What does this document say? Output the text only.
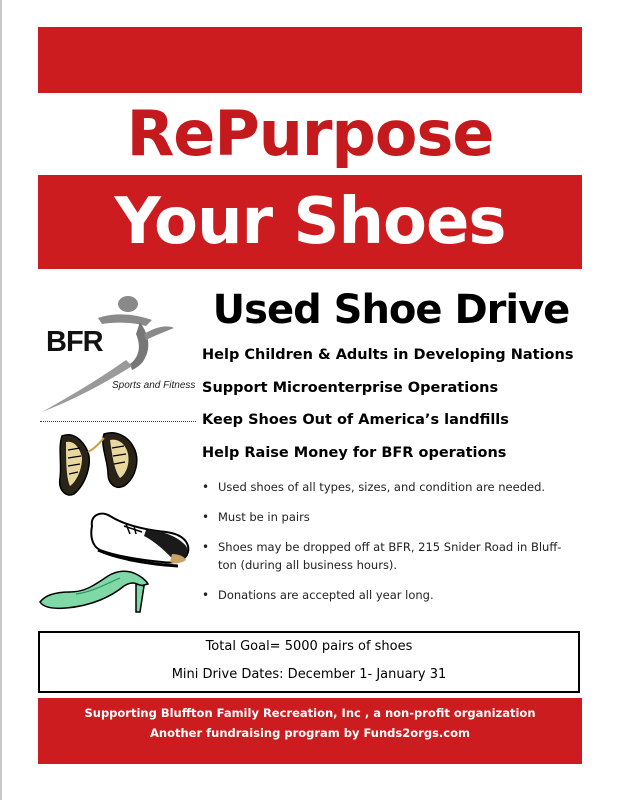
RePurpose
Your Shoes
BFR
Sports and Fitness
Used Shoe Drive
Help Children & Adults in Developing Nations
Support Microenterprise Operations
Keep Shoes Out of America’s landfills
Help Raise Money for BFR operations
• Used shoes of all types, sizes, and condition are needed.
• Must be in pairs
• Shoes may be dropped off at BFR, 215 Snider Road in Bluff-ton (during all business hours).
• Donations are accepted all year long.
Total Goal= 5000 pairs of shoes
Mini Drive Dates: December 1- January 31
Supporting Bluffton Family Recreation, Inc , a non-profit organization
Another fundraising program by Funds2orgs.com
